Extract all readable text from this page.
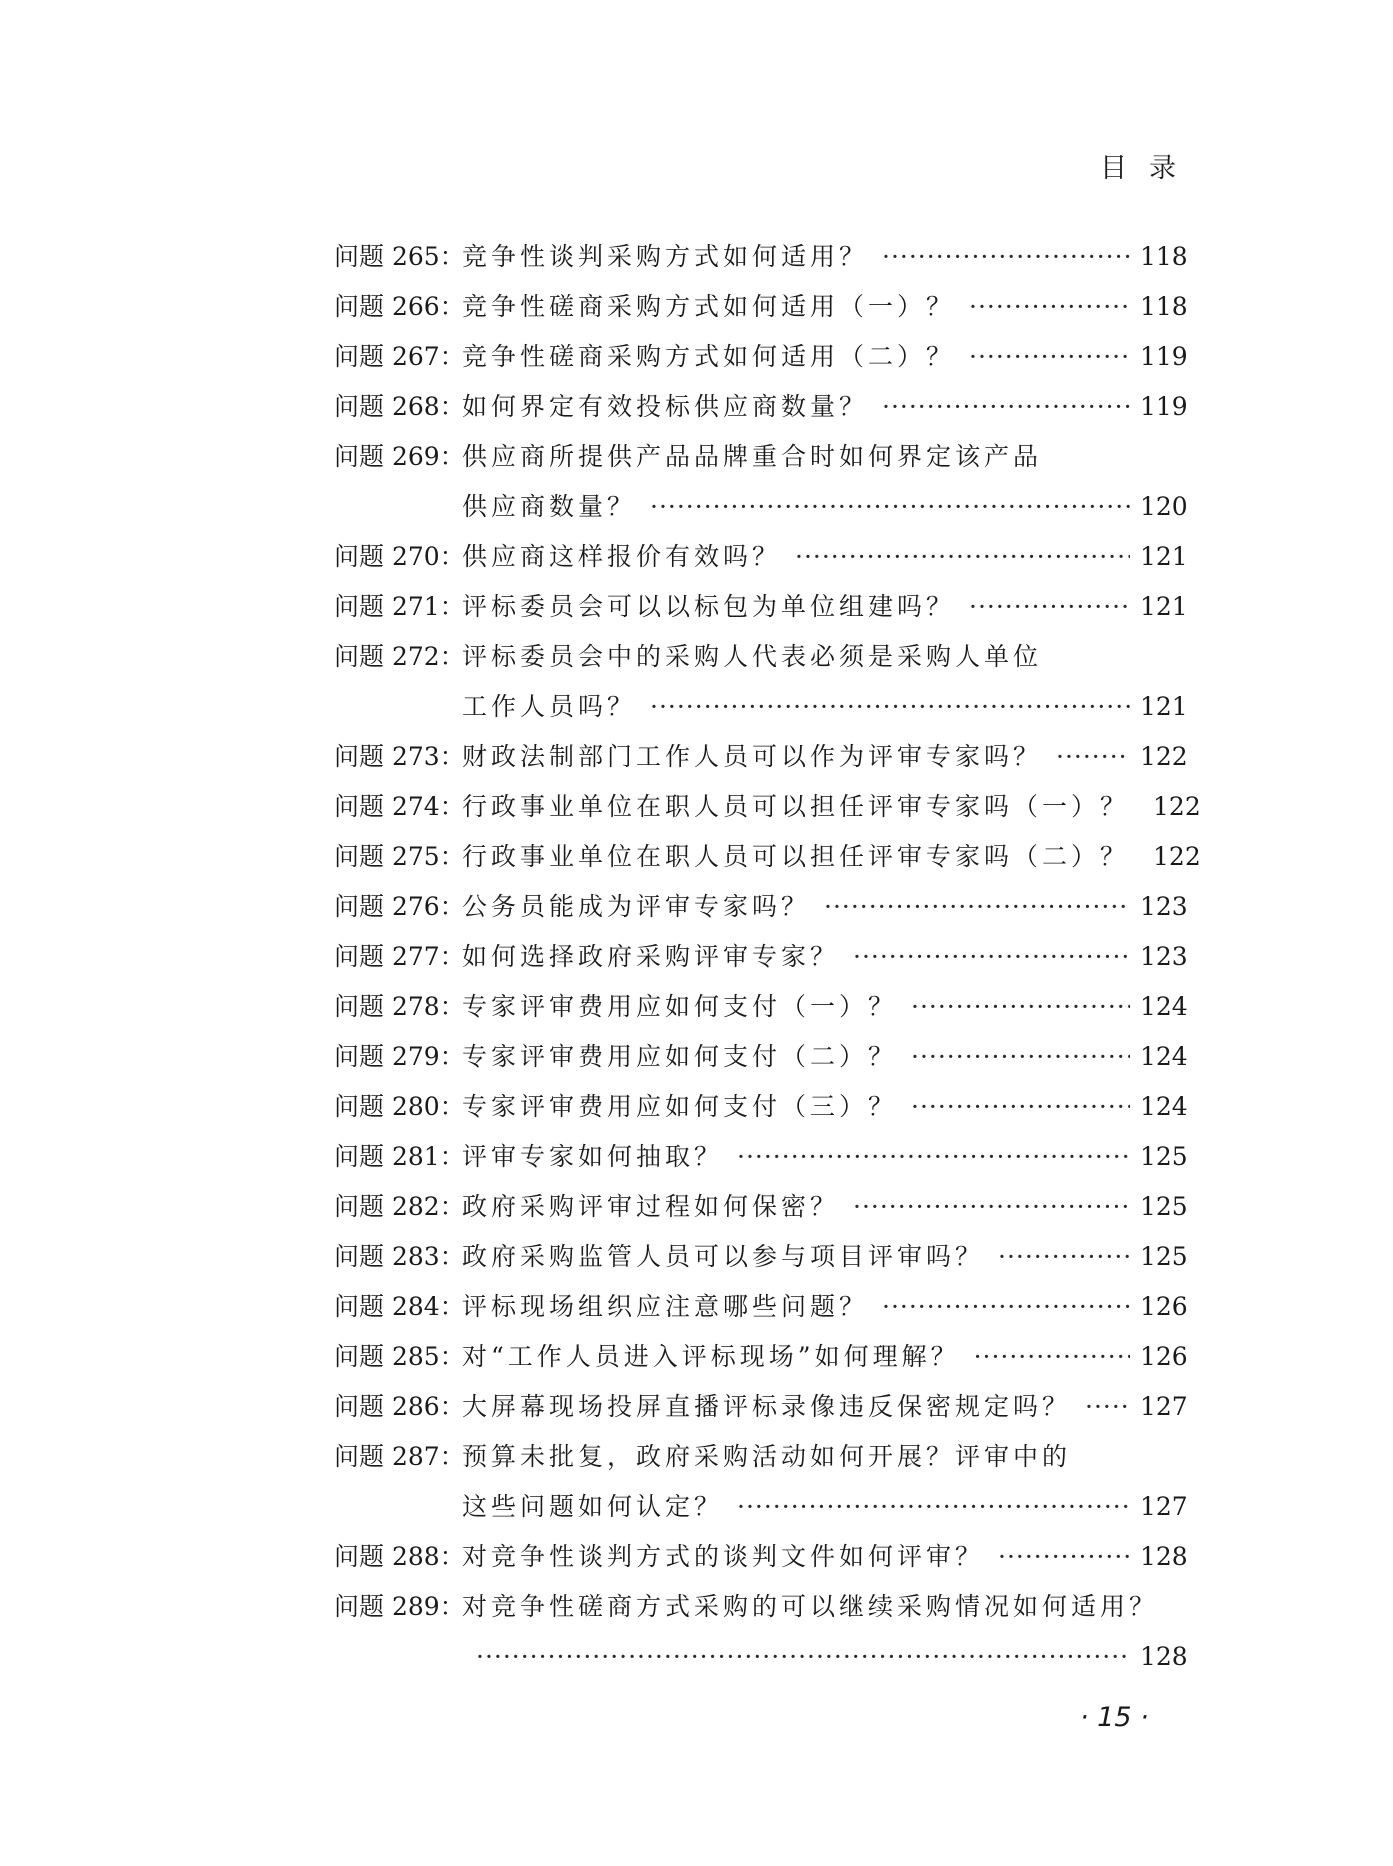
目录
问题 265：
竞争性谈判采购方式如何适用？ ·····	118
问题 266：
竞争性磋商采购方式如何适用（一）？ ·····	118
问题 267：
竞争性磋商采购方式如何适用（二）？ ·····	119
问题 268：
如何界定有效投标供应商数量？ ·····	119
问题 269：
供应商所提供产品品牌重合时如何界定该产品
供应商数量？ ·····	120
问题 270：
供应商这样报价有效吗？ ·····	121
问题 271：
评标委员会可以以标包为单位组建吗？ ·····	121
问题 272：
评标委员会中的采购人代表必须是采购人单位
工作人员吗？ ·····	121
问题 273：
财政法制部门工作人员可以作为评审专家吗？ ·····	122
问题 274：
行政事业单位在职人员可以担任评审专家吗（一）？ 122
问题 275：
行政事业单位在职人员可以担任评审专家吗（二）？ 122
问题 276：
公务员能成为评审专家吗？ ·····	123
问题 277：
如何选择政府采购评审专家？ ·····	123
问题 278：
专家评审费用应如何支付（一）？ ·····	124
问题 279：
专家评审费用应如何支付（二）？ ·····	124
问题 280：
专家评审费用应如何支付（三）？ ·····	124
问题 281：
评审专家如何抽取？ ·····	125
问题 282：
政府采购评审过程如何保密？ ·····	125
问题 283：
政府采购监管人员可以参与项目评审吗？ ·····	125
问题 284：
评标现场组织应注意哪些问题？ ·····	126
问题 285：
对“工作人员进入评标现场”如何理解？ ·····	126
问题 286：
大屏幕现场投屏直播评标录像违反保密规定吗？ ·····	127
问题 287：
预算未批复，政府采购活动如何开展？评审中的
这些问题如何认定？ ·····	127
问题 288：
对竞争性谈判方式的谈判文件如何评审？ ·····	128
问题 289：
对竞争性磋商方式采购的可以继续采购情况如何适用？
·····
128
· 15 ·
